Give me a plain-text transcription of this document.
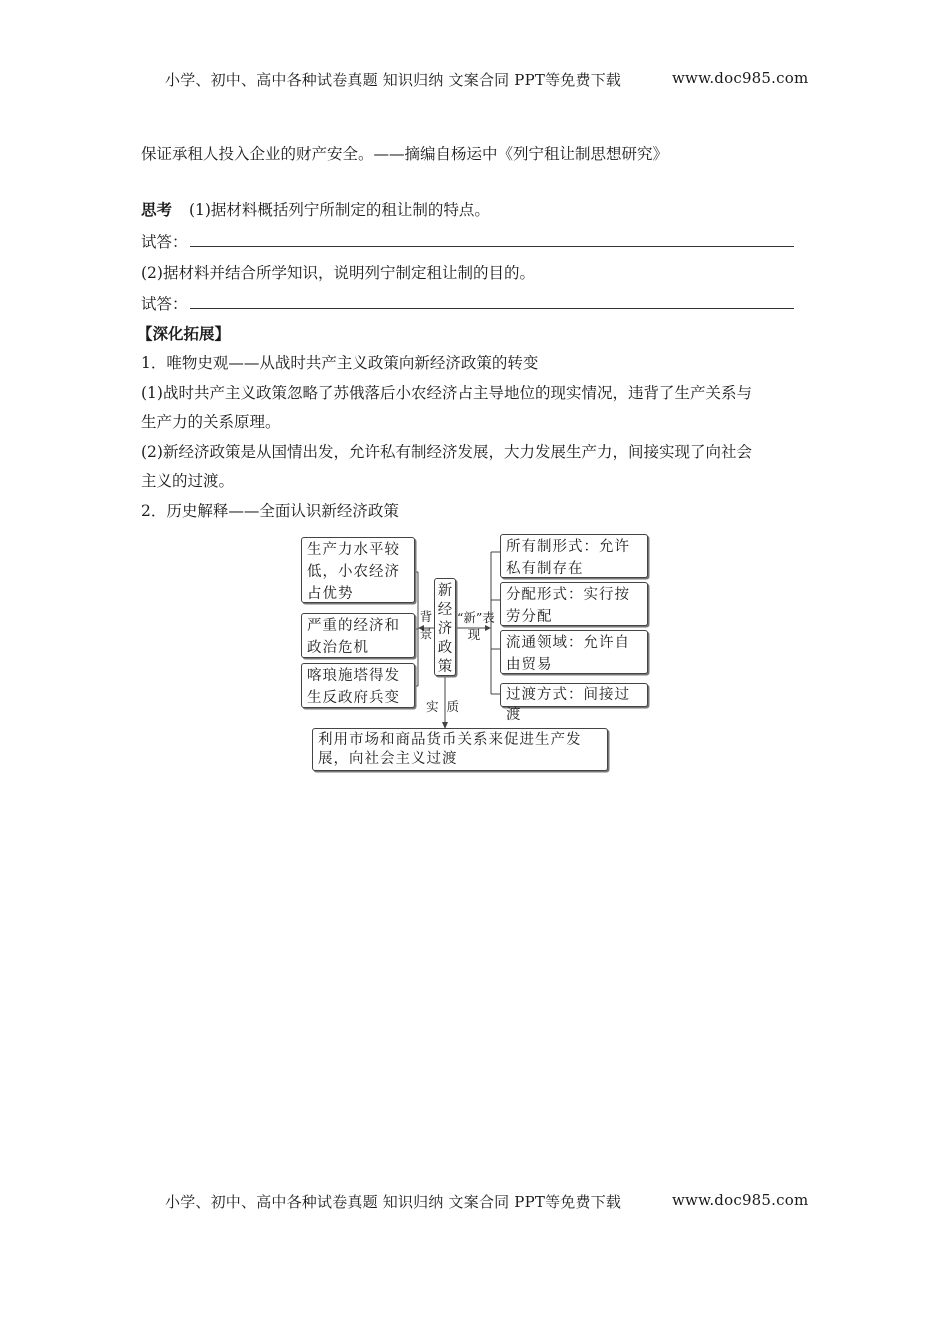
小学、初中、高中各种试卷真题 知识归纳 文案合同 PPT等免费下载	www.doc985.com
保证承租人投入企业的财产安全。——摘编自杨运中《列宁租让制思想研究》
思考 (1)据材料概括列宁所制定的租让制的特点。
试答：
(2)据材料并结合所学知识，说明列宁制定租让制的目的。
试答：
【深化拓展】
1．唯物史观——从战时共产主义政策向新经济政策的转变
(1)战时共产主义政策忽略了苏俄落后小农经济占主导地位的现实情况，违背了生产关系与
生产力的关系原理。
(2)新经济政策是从国情出发，允许私有制经济发展，大力发展生产力，间接实现了向社会
主义的过渡。
2．历史解释——全面认识新经济政策
生产力水平较低，小农经济占优势
严重的经济和政治危机
喀琅施塔得发生反政府兵变
背景
新经济政策
“新”表现
所有制形式：允许私有制存在
分配形式：实行按劳分配
流通领域：允许自由贸易
过渡方式：间接过渡
实  质
利用市场和商品货币关系来促进生产发展，向社会主义过渡
小学、初中、高中各种试卷真题 知识归纳 文案合同 PPT等免费下载	www.doc985.com
